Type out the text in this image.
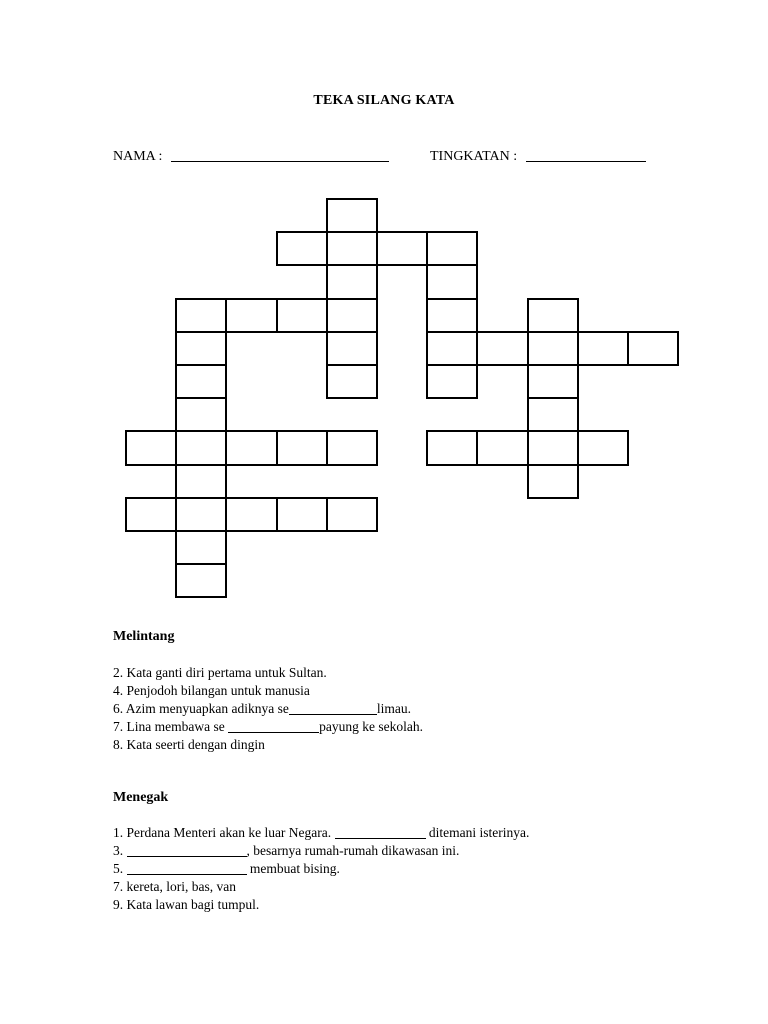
TEKA SILANG KATA
NAMA :	TINGKATAN :
Melintang
2. Kata ganti diri pertama untuk Sultan.
4. Penjodoh bilangan untuk manusia
6. Azim menyuapkan adiknya se	limau.
7. Lina membawa se	payung ke sekolah.
8. Kata seerti dengan dingin
Menegak
1. Perdana Menteri akan ke luar Negara.	ditemani isterinya.
3.	, besarnya rumah-rumah dikawasan ini.
5.	membuat bising.
7. kereta, lori, bas, van
9. Kata lawan bagi tumpul.
